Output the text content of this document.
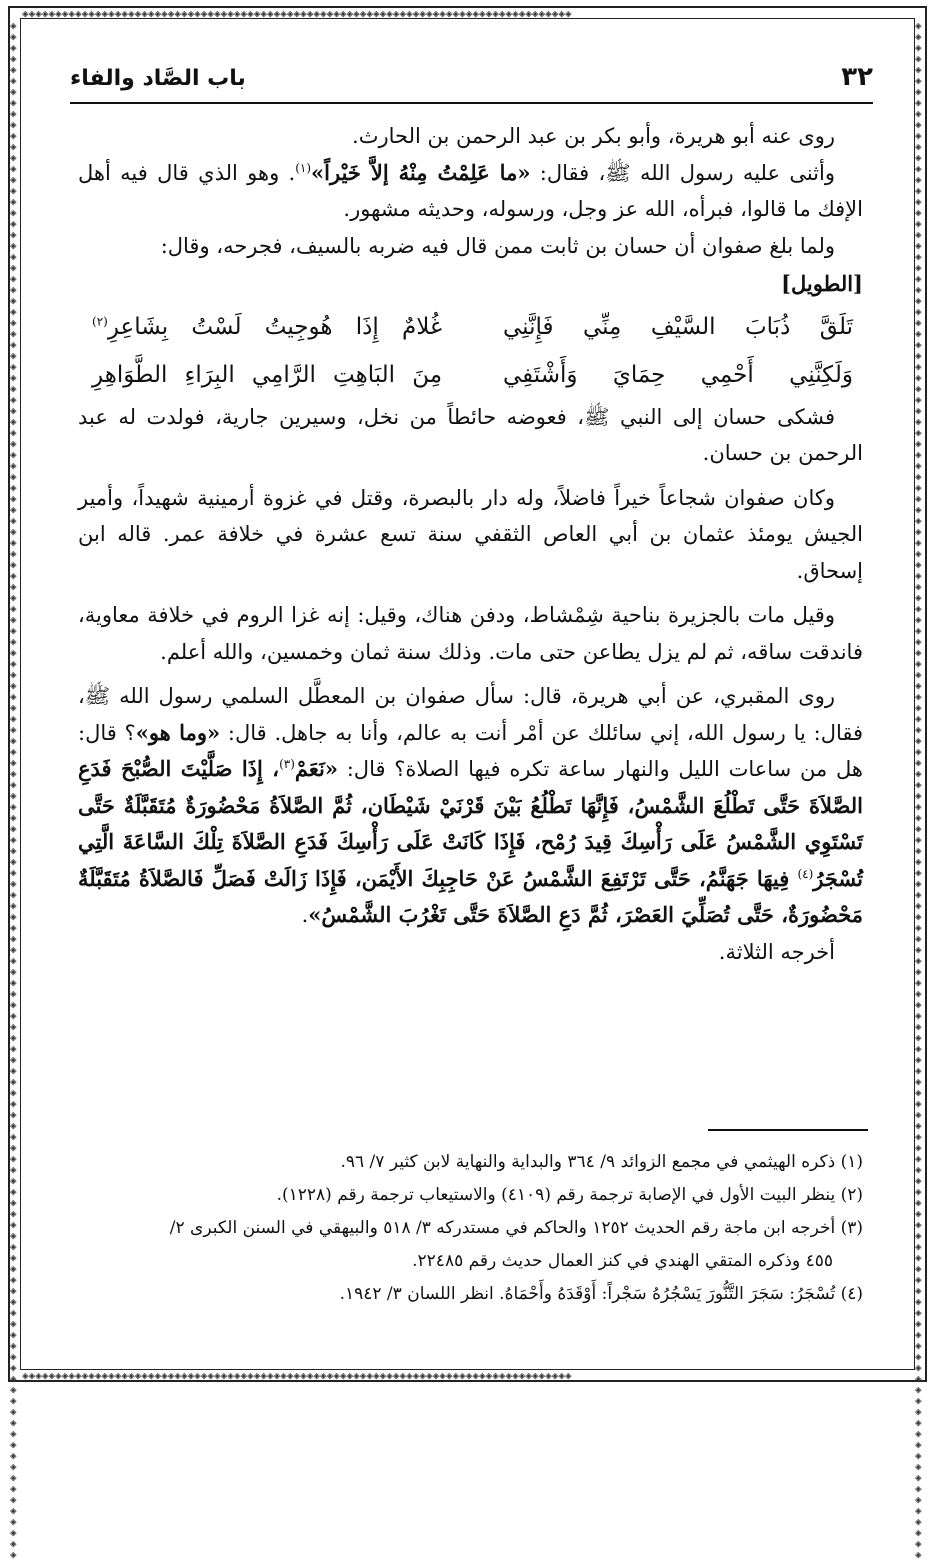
◈◈◈◈◈◈◈◈◈◈◈◈◈◈◈◈◈◈◈◈◈◈◈◈◈◈◈◈◈◈◈◈◈◈◈◈◈◈◈◈◈◈◈◈◈◈◈◈◈◈◈◈◈◈◈◈◈◈◈◈◈◈◈◈◈◈◈◈◈◈◈◈◈◈◈◈◈◈◈◈◈◈◈
◈◈◈◈◈◈◈◈◈◈◈◈◈◈◈◈◈◈◈◈◈◈◈◈◈◈◈◈◈◈◈◈◈◈◈◈◈◈◈◈◈◈◈◈◈◈◈◈◈◈◈◈◈◈◈◈◈◈◈◈◈◈◈◈◈◈◈◈◈◈◈◈◈◈◈◈◈◈◈◈◈◈◈
◈◈◈◈◈◈◈◈◈◈◈◈◈◈◈◈◈◈◈◈◈◈◈◈◈◈◈◈◈◈◈◈◈◈◈◈◈◈◈◈◈◈◈◈◈◈◈◈◈◈◈◈◈◈◈◈◈◈◈◈◈◈◈◈◈◈◈◈◈◈◈◈◈◈◈◈◈◈◈◈◈◈◈◈◈◈◈◈◈◈◈◈◈◈◈◈◈◈◈◈◈◈◈◈◈◈◈◈◈◈◈◈◈◈◈◈◈◈◈◈◈◈◈◈◈◈◈◈◈◈◈◈◈◈◈◈◈◈◈◈
◈◈◈◈◈◈◈◈◈◈◈◈◈◈◈◈◈◈◈◈◈◈◈◈◈◈◈◈◈◈◈◈◈◈◈◈◈◈◈◈◈◈◈◈◈◈◈◈◈◈◈◈◈◈◈◈◈◈◈◈◈◈◈◈◈◈◈◈◈◈◈◈◈◈◈◈◈◈◈◈◈◈◈◈◈◈◈◈◈◈◈◈◈◈◈◈◈◈◈◈◈◈◈◈◈◈◈◈◈◈◈◈◈◈◈◈◈◈◈◈◈◈◈◈◈◈◈◈◈◈◈◈◈◈◈◈◈◈◈◈
٣٢
باب الصَّاد والفاء

روى عنه أبو هريرة، وأبو بكر بن عبد الرحمن بن الحارث.

وأثنى عليه رسول الله ﷺ، فقال: «ما عَلِمْتُ مِنْهُ إلاَّ خَيْراً»$^{(١)}$. وهو الذي قال فيه أهل الإفك ما قالوا، فبرأه، الله عز وجل، ورسوله، وحديثه مشهور.

ولما بلغ صفوان أن حسان بن ثابت ممن قال فيه ضربه بالسيف، فجرحه، وقال:

[الطويل]
تَلَقَّ ذُبَابَ السَّيْفِ مِنِّي فَإِنَّنِي
غُلامٌ إِذَا هُوجِيتُ لَسْتُ بِشَاعِرِ$^{(٢)}$
وَلَكِنَّنِي أَحْمِي حِمَايَ وَأَشْتَفِي
مِنَ البَاهِتِ الرَّامِي البِرَاءِ الطَّوَاهِرِ

فشكى حسان إلى النبي ﷺ، فعوضه حائطاً من نخل، وسيرين جارية، فولدت له عبد الرحمن بن حسان.

وكان صفوان شجاعاً خيراً فاضلاً، وله دار بالبصرة، وقتل في غزوة أرمينية شهيداً، وأمير الجيش يومئذ عثمان بن أبي العاص الثقفي سنة تسع عشرة في خلافة عمر. قاله ابن إسحاق.

وقيل مات بالجزيرة بناحية شِمْشاط، ودفن هناك، وقيل: إنه غزا الروم في خلافة معاوية، فاندقت ساقه، ثم لم يزل يطاعن حتى مات. وذلك سنة ثمان وخمسين، والله أعلم.

روى المقبري، عن أبي هريرة، قال: سأل صفوان بن المعطَّل السلمي رسول الله ﷺ، فقال: يا رسول الله، إني سائلك عن أمْر أنت به عالم، وأنا به جاهل. قال: «وما هو»؟ قال: هل من ساعات الليل والنهار ساعة تكره فيها الصلاة؟ قال: «نَعَمْ$^{(٣)}$، إِذَا صَلَّيْتَ الصُّبْحَ فَدَعِ الصَّلاَةَ حَتَّى تَطْلُعَ الشَّمْسُ، فَإِنَّهَا تَطْلُعُ بَيْنَ قَرْنَيْ شَيْطَان، ثُمَّ الصَّلاَةُ مَحْضُورَةٌ مُتَقَبَّلَةٌ حَتَّى تَسْتَوِي الشَّمْسُ عَلَى رَأْسِكَ قِيدَ رُمْح، فَإِذَا كَانَتْ عَلَى رَأْسِكَ فَدَعِ الصَّلاَةَ تِلْكَ السَّاعَةَ الَّتِي تُسْجَرُ$^{(٤)}$ فِيهَا جَهَنَّمُ، حَتَّى تَرْتَفِعَ الشَّمْسُ عَنْ حَاجِبِكَ الأَيْمَن، فَإِذَا زَالَتْ فَصَلِّ فَالصَّلاَةُ مُتَقَبَّلَةٌ مَحْضُورَةٌ، حَتَّى تُصَلِّيَ العَصْرَ، ثُمَّ دَعِ الصَّلاَةَ حَتَّى تَغْرُبَ الشَّمْسُ».

أخرجه الثلاثة.

(١) ذكره الهيثمي في مجمع الزوائد ٩/ ٣٦٤ والبداية والنهاية لابن كثير ٧/ ٩٦.

(٢) ينظر البيت الأول في الإصابة ترجمة رقم (٤١٠٩) والاستيعاب ترجمة رقم (١٢٢٨).

(٣) أخرجه ابن ماجة رقم الحديث ١٢٥٢ والحاكم في مستدركه ٣/ ٥١٨ والبيهقي في السنن الكبرى ٢/

٤٥٥ وذكره المتقي الهندي في كنز العمال حديث رقم ٢٢٤٨٥.

(٤) تُسْجَرُ: سَجَرَ التَّنُّورَ يَسْجُرُهُ سَجْراً: أَوْقَدَهُ وأَحْمَاهُ. انظر اللسان ٣/ ١٩٤٢.
